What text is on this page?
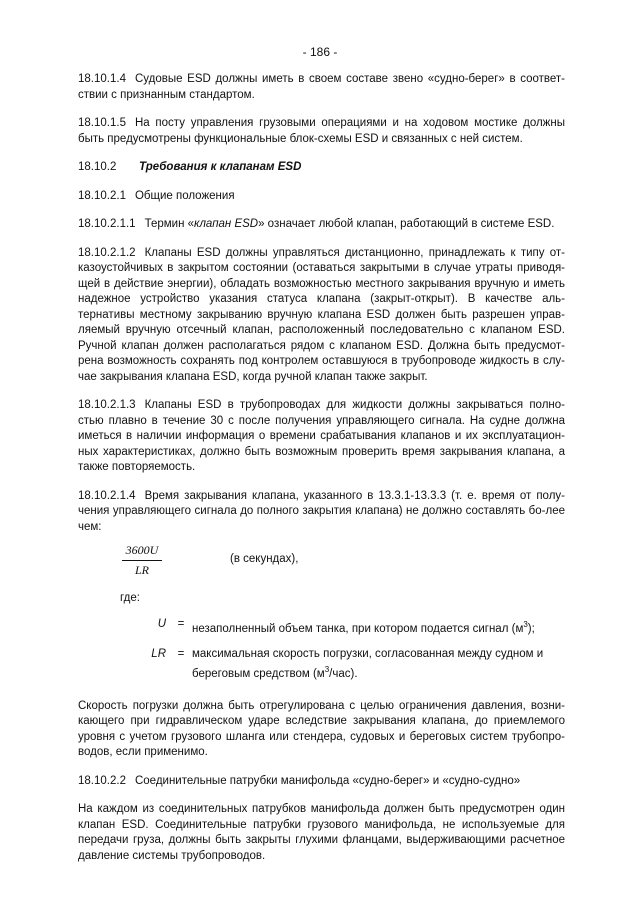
- 186 -

18.10.1.4 Судовые ESD должны иметь в своем составе звено «судно-берег» в соответ-ствии с признанным стандартом.

18.10.1.5 На посту управления грузовыми операциями и на ходовом мостике должны быть предусмотрены функциональные блок-схемы ESD и связанных с ней систем.

18.10.2 Требования к клапанам ESD

18.10.2.1 Общие положения

18.10.2.1.1 Термин «клапан ESD» означает любой клапан, работающий в системе ESD.

18.10.2.1.2 Клапаны ESD должны управляться дистанционно, принадлежать к типу от-казоустойчивых в закрытом состоянии (оставаться закрытыми в случае утраты приводя-щей в действие энергии), обладать возможностью местного закрывания вручную и иметь надежное устройство указания статуса клапана (закрыт-открыт). В качестве аль-тернативы местному закрыванию вручную клапана ESD должен быть разрешен управ-ляемый вручную отсечный клапан, расположенный последовательно с клапаном ESD. Ручной клапан должен располагаться рядом с клапаном ESD. Должна быть предусмот-рена возможность сохранять под контролем оставшуюся в трубопроводе жидкость в слу-чае закрывания клапана ESD, когда ручной клапан также закрыт.

18.10.2.1.3 Клапаны ESD в трубопроводах для жидкости должны закрываться полно-стью плавно в течение 30 с после получения управляющего сигнала. На судне должна иметься в наличии информация о времени срабатывания клапанов и их эксплуатацион-ных характеристиках, должно быть возможным проверить время закрывания клапана, а также повторяемость.

18.10.2.1.4 Время закрывания клапана, указанного в 13.3.1-13.3.3 (т. е. время от полу-чения управляющего сигнала до полного закрытия клапана) не должно составлять бо-лее чем:

3600U
LR
(в секундах),
где:
U	= незаполненный объем танка, при котором подается сигнал $(м^3)$;
LR	= максимальная скорость погрузки, согласованная между судном и береговым средством $(м^3/час)$.

Скорость погрузки должна быть отрегулирована с целью ограничения давления, возни-кающего при гидравлическом ударе вследствие закрывания клапана, до приемлемого уровня с учетом грузового шланга или стендера, судовых и береговых систем трубопро-водов, если применимо.

18.10.2.2 Соединительные патрубки манифольда «судно-берег» и «судно-судно»

На каждом из соединительных патрубков манифольда должен быть предусмотрен один клапан ESD. Соединительные патрубки грузового манифольда, не используемые для передачи груза, должны быть закрыты глухими фланцами, выдерживающими расчетное давление системы трубопроводов.
